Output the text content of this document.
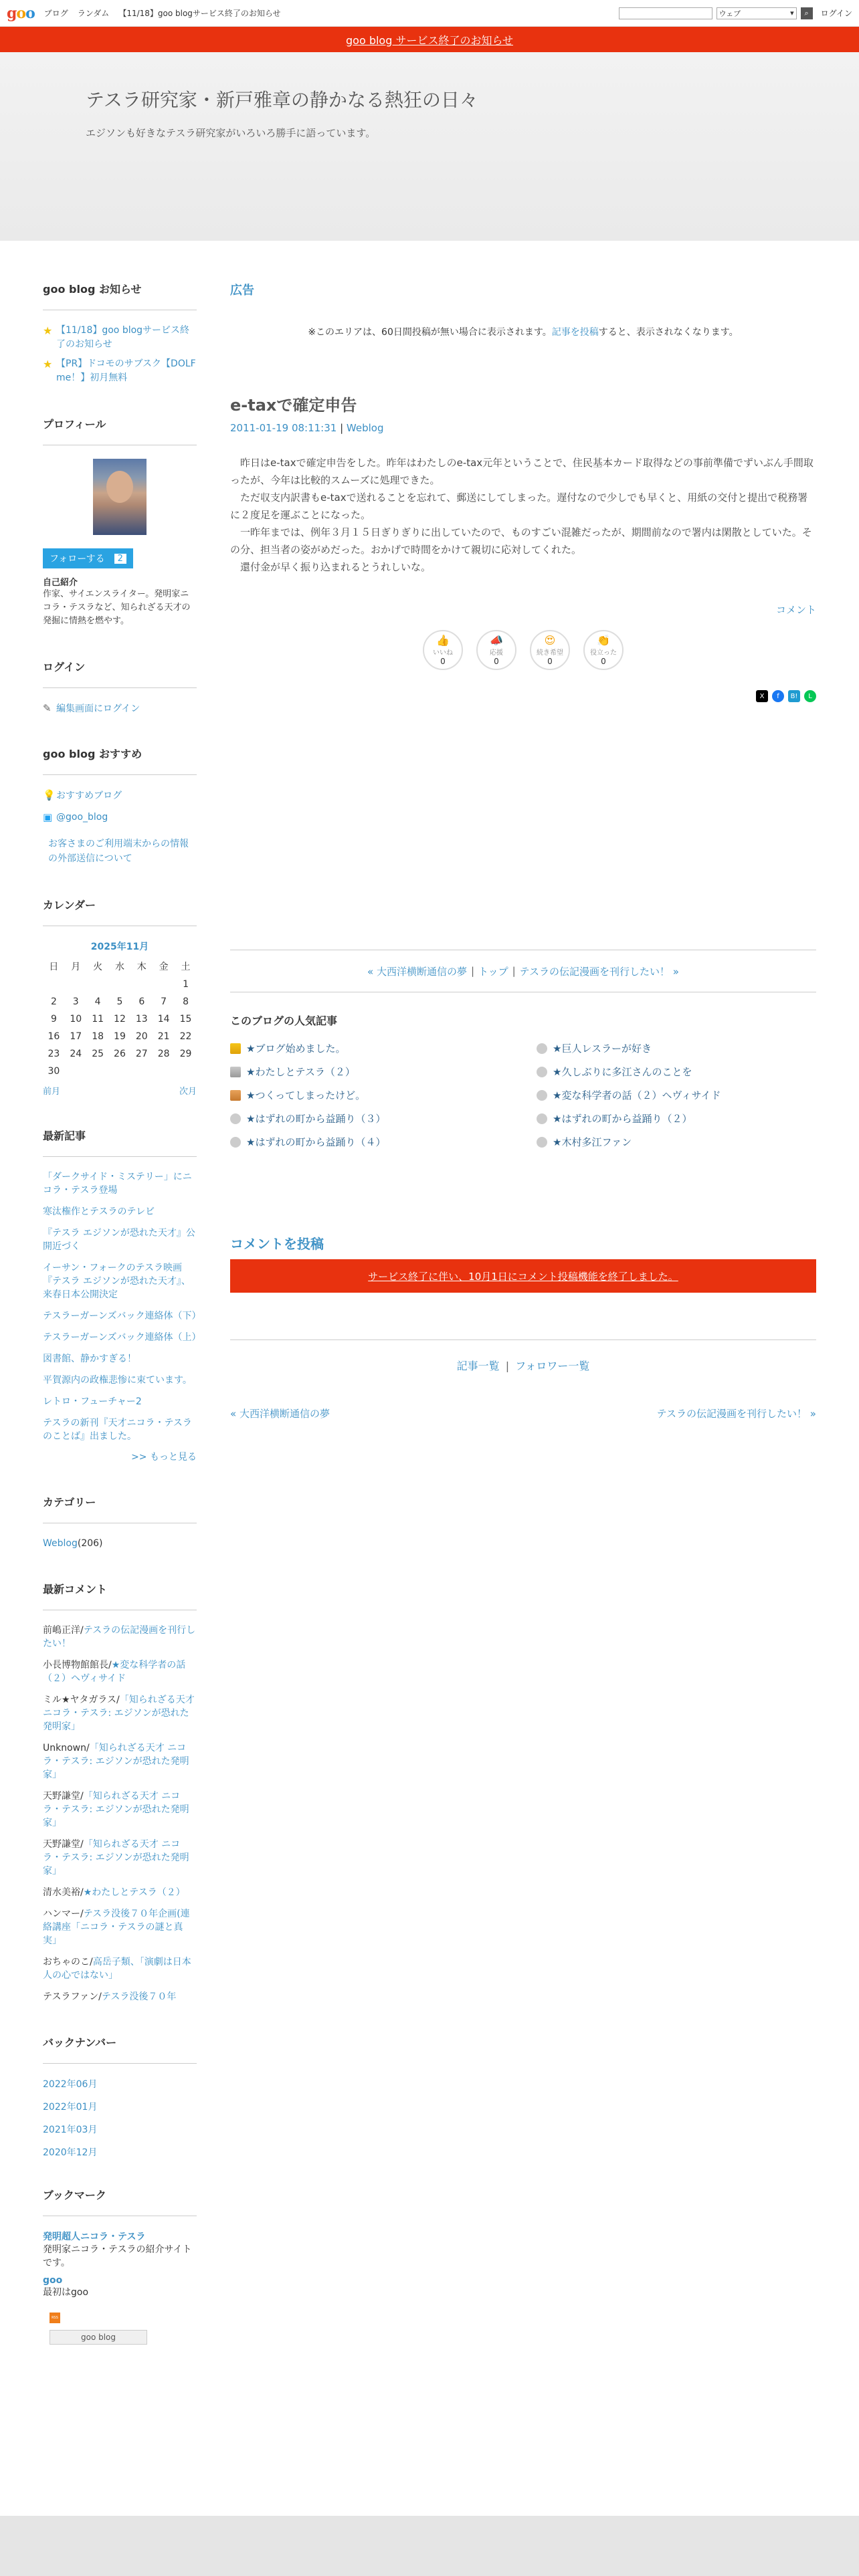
goo ブログ ランダム 【11/18】goo blogサービス終了のお知らせ	ウェブ	▾ ⌕ ログイン
goo blog サービス終了のお知らせ
テスラ研究家・新戸雅章の静かなる熱狂の日々

エジソンも好きなテスラ研究家がいろいろ勝手に語っています。

goo blog お知らせ
★ 【11/18】goo blogサービス終了のお知らせ
★ 【PR】ドコモのサブスク【DOLF me！】初月無料
プロフィール
フォローする	2
自己紹介
作家、サイエンスライター。発明家ニコラ・テスラなど、知られざる天才の発掘に情熱を燃やす。
ログイン
✎ 編集画面にログイン
goo blog おすすめ
💡 おすすめブログ
▣ @goo_blog
お客さまのご利用端末からの情報の外部送信について
カレンダー
2025年11月
日	月	火	水	木	金	土
						1
2	3	4	5	6	7	8
9	10	11	12	13	14	15
16	17	18	19	20	21	22
23	24	25	26	27	28	29
30						
前月	次月
最新記事
「ダークサイド・ミステリー」にニコラ・テスラ登場
寒汰権作とテスラのテレビ
『テスラ エジソンが恐れた天才』公開近づく
イーサン・フォークのテスラ映画『テスラ エジソンが恐れた天才』、来春日本公開決定
テスラーガーンズバック連絡体（下）
テスラーガーンズバック連絡体（上）
図書館、静かすぎる！
平賀源内の政権悲惨に束ています。
レトロ・フューチャー2
テスラの新刊『天才ニコラ・テスラのことば』出ました。
>> もっと見る
カテゴリー
Weblog(206)
最新コメント
前嶋正洋/テスラの伝記漫画を刊行したい！
小長博物館館長/★変な科学者の話（２）ヘヴィサイド
ミル★ヤタガラス/「知られざる天才 ニコラ・テスラ: エジソンが恐れた発明家」
Unknown/「知られざる天才 ニコラ・テスラ: エジソンが恐れた発明家」
天野謙堂/「知られざる天才 ニコラ・テスラ: エジソンが恐れた発明家」
天野謙堂/「知られざる天才 ニコラ・テスラ: エジソンが恐れた発明家」
清水美裕/★わたしとテスラ（２）
ハンマー/テスラ没後７０年企画(連絡講座「ニコラ・テスラの謎と真実」
おちゃのこ/高岳子類、「演劇は日本人の心ではない」
テスラファン/テスラ没後７０年
バックナンバー
2022年06月
2022年01月
2021年03月
2020年12月
ブックマーク
発明超人ニコラ・テスラ
発明家ニコラ・テスラの紹介サイトです。
goo
最初はgoo
RSS
goo blog
広告
※このエリアは、60日間投稿が無い場合に表示されます。記事を投稿すると、表示されなくなります。
e-taxで確定申告
2011-01-19 08:11:31 | Weblog

昨日はe-taxで確定申告をした。昨年はわたしのe-tax元年ということで、住民基本カード取得などの事前準備でずいぶん手間取ったが、今年は比較的スムーズに処理できた。

ただ収支内訳書もe-taxで送れることを忘れて、郵送にしてしまった。遅付なので少しでも早くと、用紙の交付と提出で税務署に２度足を運ぶことになった。

一昨年までは、例年３月１５日ぎりぎりに出していたので、ものすごい混雑だったが、期間前なので署内は閑散としていた。その分、担当者の姿がめだった。おかげで時間をかけて親切に応対してくれた。

還付金が早く振り込まれるとうれしいな。

コメント
👍
いいね
0
📣
応援
0
😍
続き希望
0
👏
役立った
0
X	f	B!	L
« 大西洋横断通信の夢 | トップ | テスラの伝記漫画を刊行したい！ »
このブログの人気記事
★ブログ始めました。	★巨人レスラーが好き
★わたしとテスラ（２）	★久しぶりに多江さんのことを
★つくってしまったけど。	★変な科学者の話（２）ヘヴィサイド
★はずれの町から益踊り（３）	★はずれの町から益踊り（２）
★はずれの町から益踊り（４）	★木村多江ファン
コメントを投稿
サービス終了に伴い、10月1日にコメント投稿機能を終了しました。
記事一覧 | フォロワー一覧
« 大西洋横断通信の夢	テスラの伝記漫画を刊行したい！ »
